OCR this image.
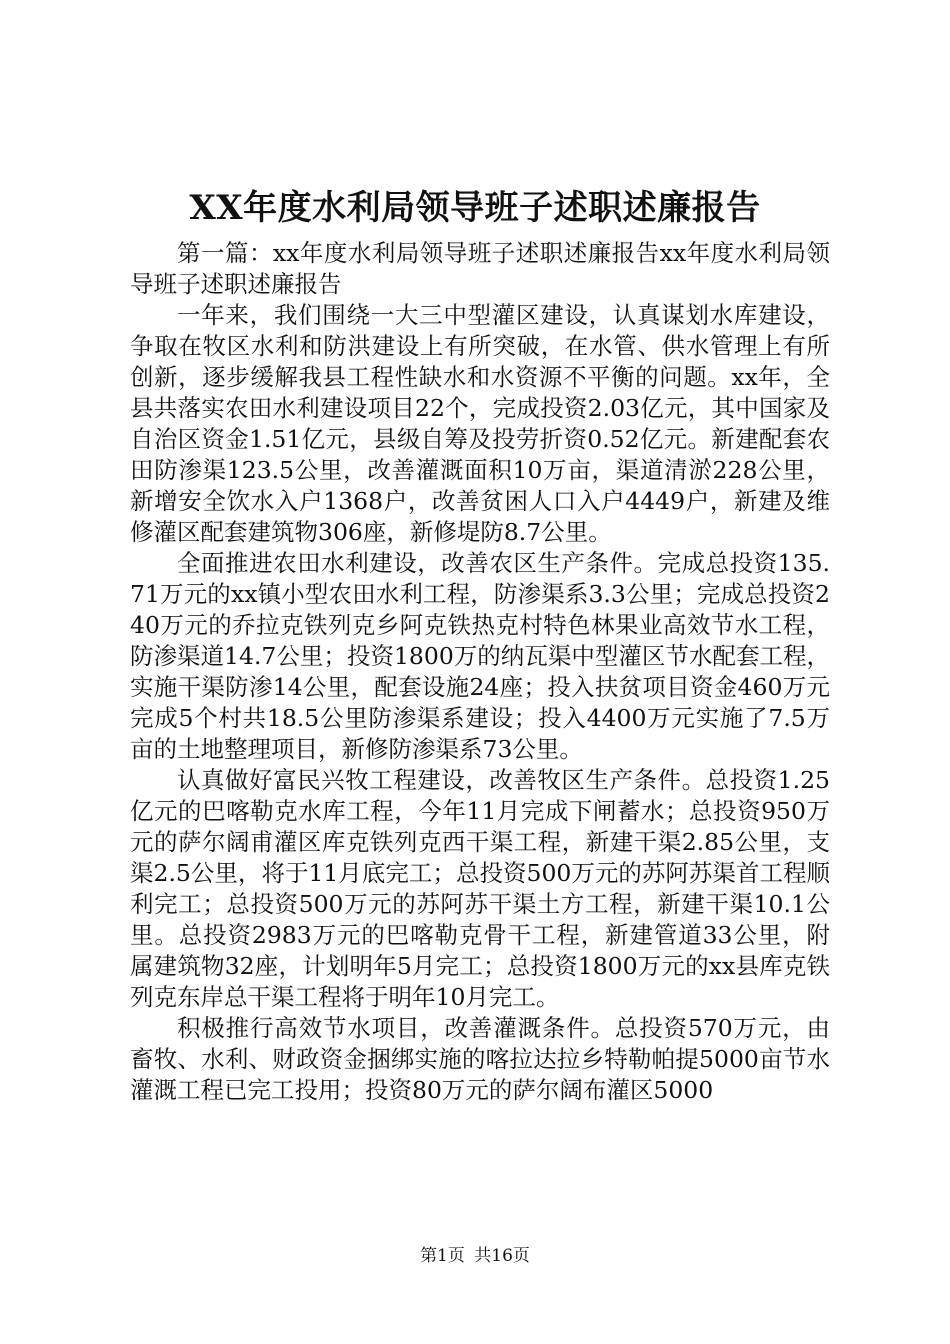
XX年度水利局领导班子述职述廉报告

第一篇：xx年度水利局领导班子述职述廉报告xx年度水利局领导班子述职述廉报告

一年来，我们围绕一大三中型灌区建设，认真谋划水库建设，争取在牧区水利和防洪建设上有所突破，在水管、供水管理上有所创新，逐步缓解我县工程性缺水和水资源不平衡的问题。xx年，全县共落实农田水利建设项目22个，完成投资2.03亿元，其中国家及自治区资金1.51亿元，县级自筹及投劳折资0.52亿元。新建配套农田防渗渠123.5公里，改善灌溉面积10万亩，渠道清淤228公里，新增安全饮水入户1368户，改善贫困人口入户4449户，新建及维修灌区配套建筑物306座，新修堤防8.7公里。

全面推进农田水利建设，改善农区生产条件。完成总投资135.71万元的xx镇小型农田水利工程，防渗渠系3.3公里；完成总投资240万元的乔拉克铁列克乡阿克铁热克村特色林果业高效节水工程，防渗渠道14.7公里；投资1800万的纳瓦渠中型灌区节水配套工程，实施干渠防渗14公里，配套设施24座；投入扶贫项目资金460万元完成5个村共18.5公里防渗渠系建设；投入4400万元实施了7.5万亩的土地整理项目，新修防渗渠系73公里。

认真做好富民兴牧工程建设，改善牧区生产条件。总投资1.25亿元的巴喀勒克水库工程，今年11月完成下闸蓄水；总投资950万元的萨尔阔甫灌区库克铁列克西干渠工程，新建干渠2.85公里，支渠2.5公里，将于11月底完工；总投资500万元的苏阿苏渠首工程顺利完工；总投资500万元的苏阿苏干渠土方工程，新建干渠10.1公里。总投资2983万元的巴喀勒克骨干工程，新建管道33公里，附属建筑物32座，计划明年5月完工；总投资1800万元的xx县库克铁列克东岸总干渠工程将于明年10月完工。

积极推行高效节水项目，改善灌溉条件。总投资570万元，由畜牧、水利、财政资金捆绑实施的喀拉达拉乡特勒帕提5000亩节水灌溉工程已完工投用；投资80万元的萨尔阔布灌区5000

第1页 共16页
